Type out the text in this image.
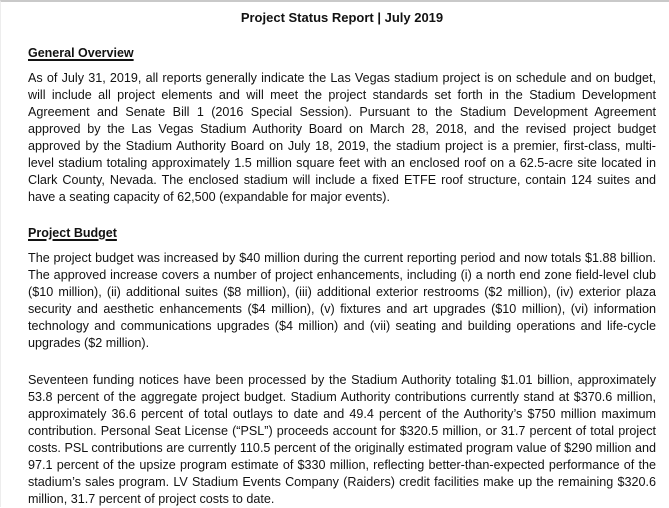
Project Status Report | July 2019
General Overview

As of July 31, 2019, all reports generally indicate the Las Vegas stadium project is on schedule and on budget, will include all project elements and will meet the project standards set forth in the Stadium Development Agreement and Senate Bill 1 (2016 Special Session). Pursuant to the Stadium Development Agreement approved by the Las Vegas Stadium Authority Board on March 28, 2018, and the revised project budget approved by the Stadium Authority Board on July 18, 2019, the stadium project is a premier, first-class, multi-level stadium totaling approximately 1.5 million square feet with an enclosed roof on a 62.5-acre site located in Clark County, Nevada. The enclosed stadium will include a fixed ETFE roof structure, contain 124 suites and have a seating capacity of 62,500 (expandable for major events).

Project Budget

The project budget was increased by $40 million during the current reporting period and now totals $1.88 billion. The approved increase covers a number of project enhancements, including (i) a north end zone field-level club ($10 million), (ii) additional suites ($8 million), (iii) additional exterior restrooms ($2 million), (iv) exterior plaza security and aesthetic enhancements ($4 million), (v) fixtures and art upgrades ($10 million), (vi) information technology and communications upgrades ($4 million) and (vii) seating and building operations and life-cycle upgrades ($2 million).

Seventeen funding notices have been processed by the Stadium Authority totaling $1.01 billion, approximately 53.8 percent of the aggregate project budget. Stadium Authority contributions currently stand at $370.6 million, approximately 36.6 percent of total outlays to date and 49.4 percent of the Authority’s $750 million maximum contribution. Personal Seat License (“PSL”) proceeds account for $320.5 million, or 31.7 percent of total project costs. PSL contributions are currently 110.5 percent of the originally estimated program value of $290 million and 97.1 percent of the upsize program estimate of $330 million, reflecting better-than-expected performance of the stadium’s sales program. LV Stadium Events Company (Raiders) credit facilities make up the remaining $320.6 million, 31.7 percent of project costs to date.
